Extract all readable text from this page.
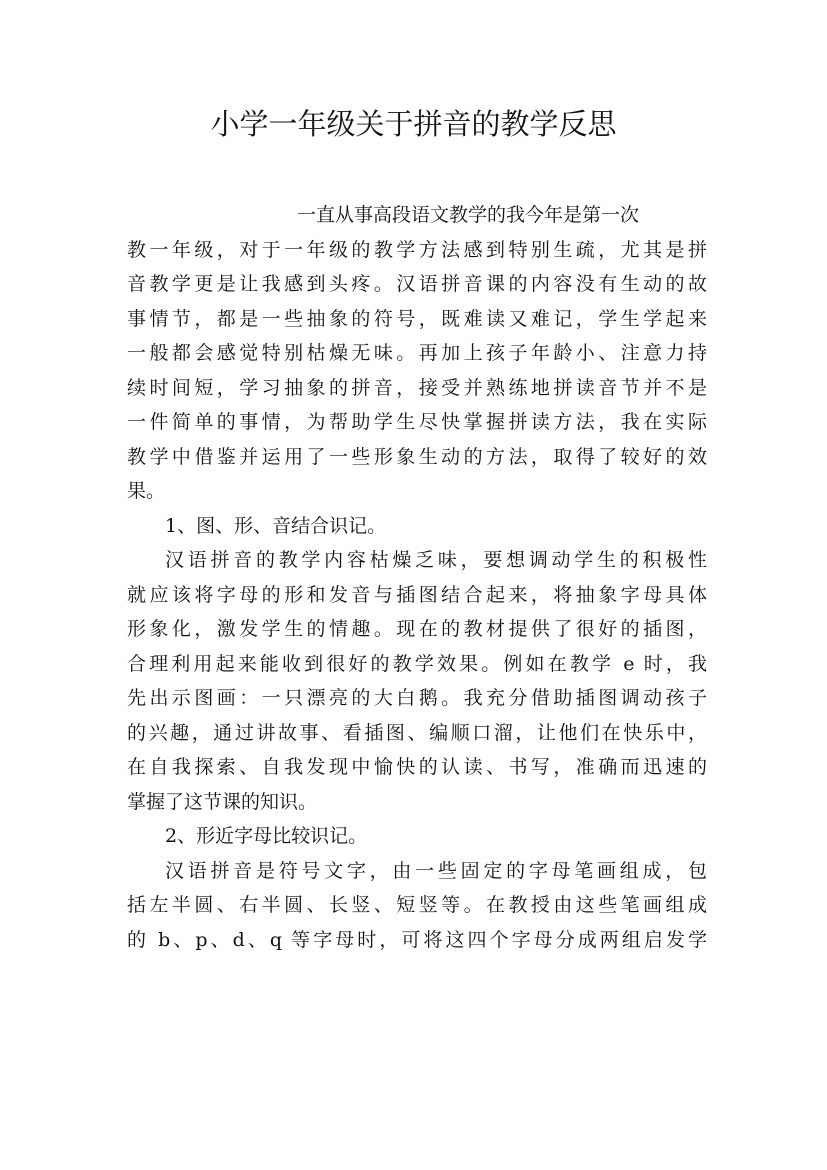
小学一年级关于拼音的教学反思
一直从事高段语文教学的我今年是第一次
教一年级，对于一年级的教学方法感到特别生疏，尤其是拼
音教学更是让我感到头疼。汉语拼音课的内容没有生动的故
事情节，都是一些抽象的符号，既难读又难记，学生学起来
一般都会感觉特别枯燥无味。再加上孩子年龄小、注意力持
续时间短，学习抽象的拼音，接受并熟练地拼读音节并不是
一件简单的事情，为帮助学生尽快掌握拼读方法，我在实际
教学中借鉴并运用了一些形象生动的方法，取得了较好的效
果。
1、图、形、音结合识记。
汉语拼音的教学内容枯燥乏味，要想调动学生的积极性
就应该将字母的形和发音与插图结合起来，将抽象字母具体
形象化，激发学生的情趣。现在的教材提供了很好的插图，
合理利用起来能收到很好的教学效果。例如在教学 e 时，我
先出示图画：一只漂亮的大白鹅。我充分借助插图调动孩子
的兴趣，通过讲故事、看插图、编顺口溜，让他们在快乐中，
在自我探索、自我发现中愉快的认读、书写，准确而迅速的
掌握了这节课的知识。
2、形近字母比较识记。
汉语拼音是符号文字，由一些固定的字母笔画组成，包
括左半圆、右半圆、长竖、短竖等。在教授由这些笔画组成
的 b、p、d、q 等字母时，可将这四个字母分成两组启发学
